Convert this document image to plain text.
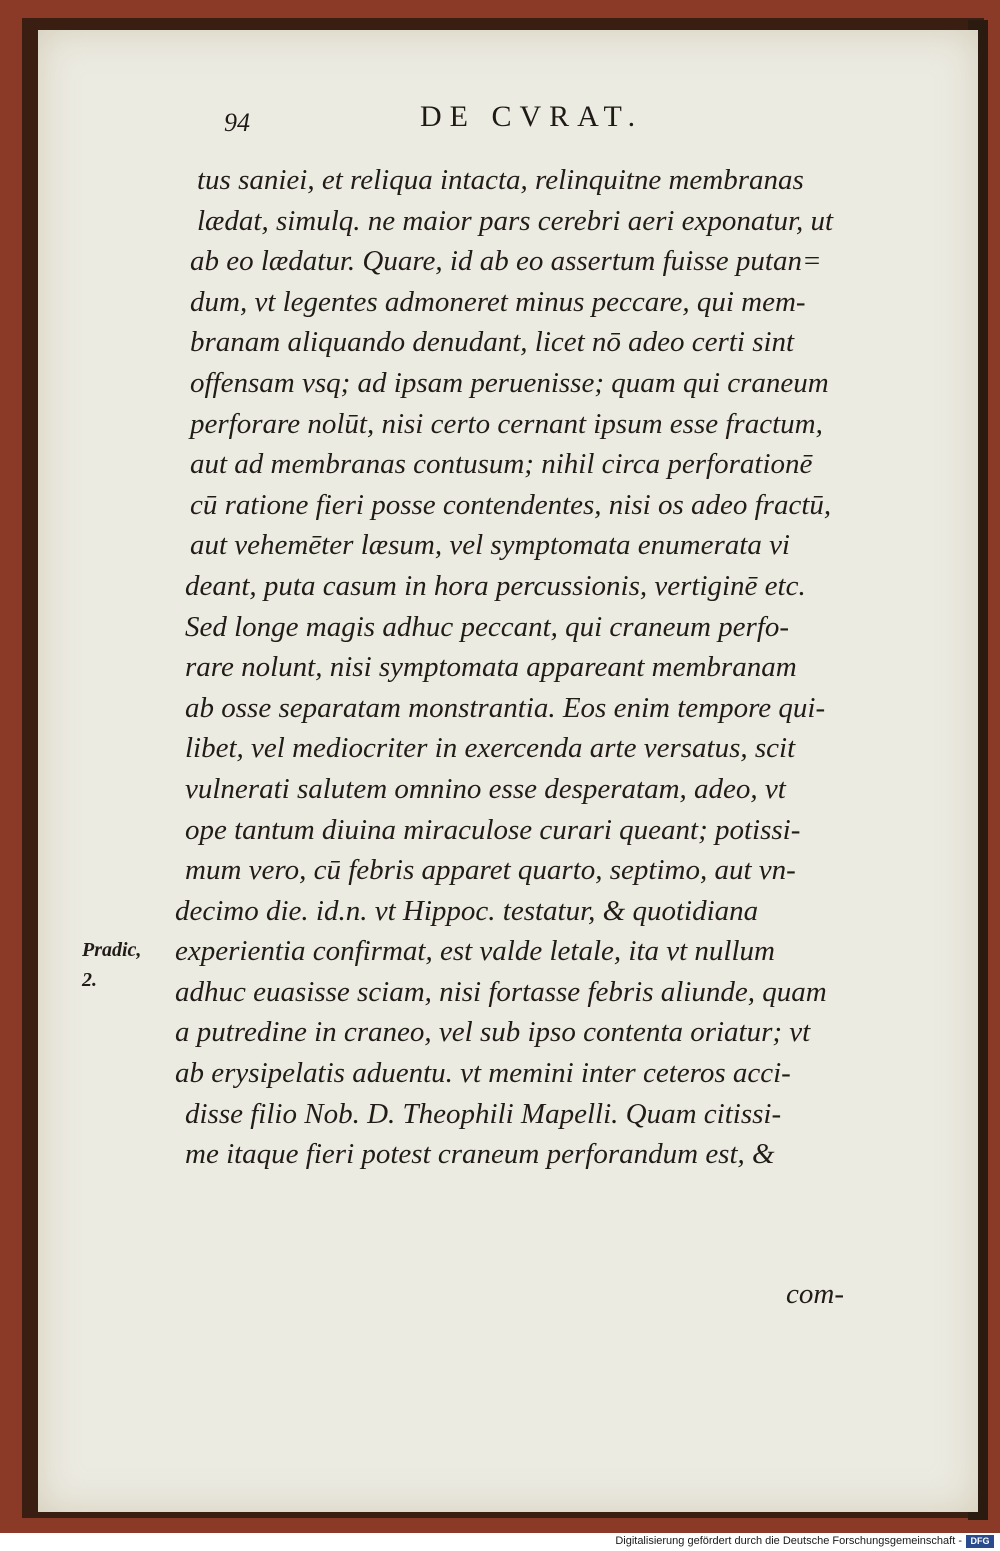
94	DE CVRAT.
Pradic,
2.
tus saniei, et reliqua intacta, relinquitne membranas
lædat, simulq. ne maior pars cerebri aeri exponatur, ut
ab eo lædatur. Quare, id ab eo assertum fuisse putan=
dum, vt legentes admoneret minus peccare, qui mem-
branam aliquando denudant, licet nō adeo certi sint
offensam vsq; ad ipsam peruenisse; quam qui craneum
perforare nolūt, nisi certo cernant ipsum esse fractum,
aut ad membranas contusum; nihil circa perforationē
cū ratione fieri posse contendentes, nisi os adeo fractū,
aut vehemēter læsum, vel symptomata enumerata vi
deant, puta casum in hora percussionis, vertiginē etc.
Sed longe magis adhuc peccant, qui craneum perfo-
rare nolunt, nisi symptomata appareant membranam
ab osse separatam monstrantia. Eos enim tempore qui-
libet, vel mediocriter in exercenda arte versatus, scit
vulnerati salutem omnino esse desperatam, adeo, vt
ope tantum diuina miraculose curari queant; potissi-
mum vero, cū febris apparet quarto, septimo, aut vn-
decimo die. id.n. vt Hippoc. testatur, & quotidiana
experientia confirmat, est valde letale, ita vt nullum
adhuc euasisse sciam, nisi fortasse febris aliunde, quam
a putredine in craneo, vel sub ipso contenta oriatur; vt
ab erysipelatis aduentu. vt memini inter ceteros acci-
disse filio Nob. D. Theophili Mapelli. Quam citissi-
me itaque fieri potest craneum perforandum est, &
com-
Digitalisierung gefördert durch die Deutsche Forschungsgemeinschaft - DFG
